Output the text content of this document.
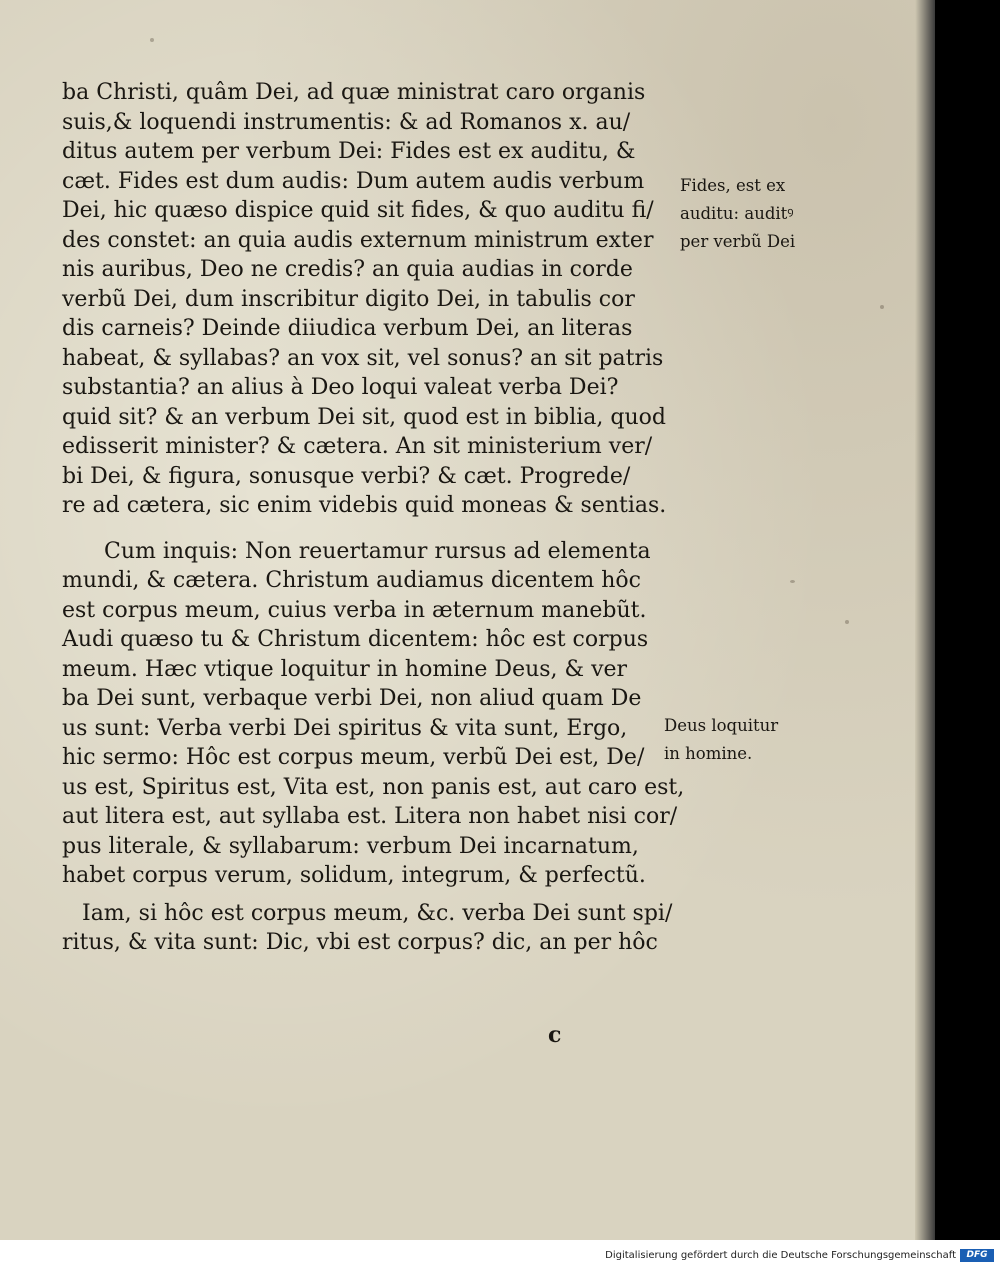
ba Christi, quâm Dei, ad quæ ministrat caro organis
suis,& loquendi instrumentis: & ad Romanos x. au/
ditus autem per verbum Dei: Fides est ex auditu, &
cæt. Fides est dum audis: Dum autem audis verbum
Dei, hic quæso dispice quid sit fides, & quo auditu fi/
des constet: an quia audis externum ministrum exter
nis auribus, Deo ne credis? an quia audias in corde
verbũ Dei, dum inscribitur digito Dei, in tabulis cor
dis carneis? Deinde diiudica verbum Dei, an literas
habeat, & syllabas? an vox sit, vel sonus? an sit patris
substantia? an alius à Deo loqui valeat verba Dei?
quid sit? & an verbum Dei sit, quod est in biblia, quod
edisserit minister? & cætera. An sit ministerium ver/
bi Dei, & figura, sonusque verbi? & cæt. Progrede/
re ad cætera, sic enim videbis quid moneas & sentias.
Cum inquis: Non reuertamur rursus ad elementa
mundi, & cætera. Christum audiamus dicentem hôc
est corpus meum, cuius verba in æternum manebũt.
Audi quæso tu & Christum dicentem: hôc est corpus
meum. Hæc vtique loquitur in homine Deus, & ver
ba Dei sunt, verbaque verbi Dei, non aliud quam De
us sunt: Verba verbi Dei spiritus & vita sunt, Ergo,
hic sermo: Hôc est corpus meum, verbũ Dei est, De/
us est, Spiritus est, Vita est, non panis est, aut caro est,
aut litera est, aut syllaba est. Litera non habet nisi cor/
pus literale, & syllabarum: verbum Dei incarnatum,
habet corpus verum, solidum, integrum, & perfectũ.
Iam, si hôc est corpus meum, &c. verba Dei sunt spi/
ritus, & vita sunt: Dic, vbi est corpus? dic, an per hôc
Fides, est ex
auditu: auditꝰ
per verbũ Dei
Deus loquitur
in homine.
c
Digitalisierung gefördert durch die Deutsche Forschungsgemeinschaft	DFG
